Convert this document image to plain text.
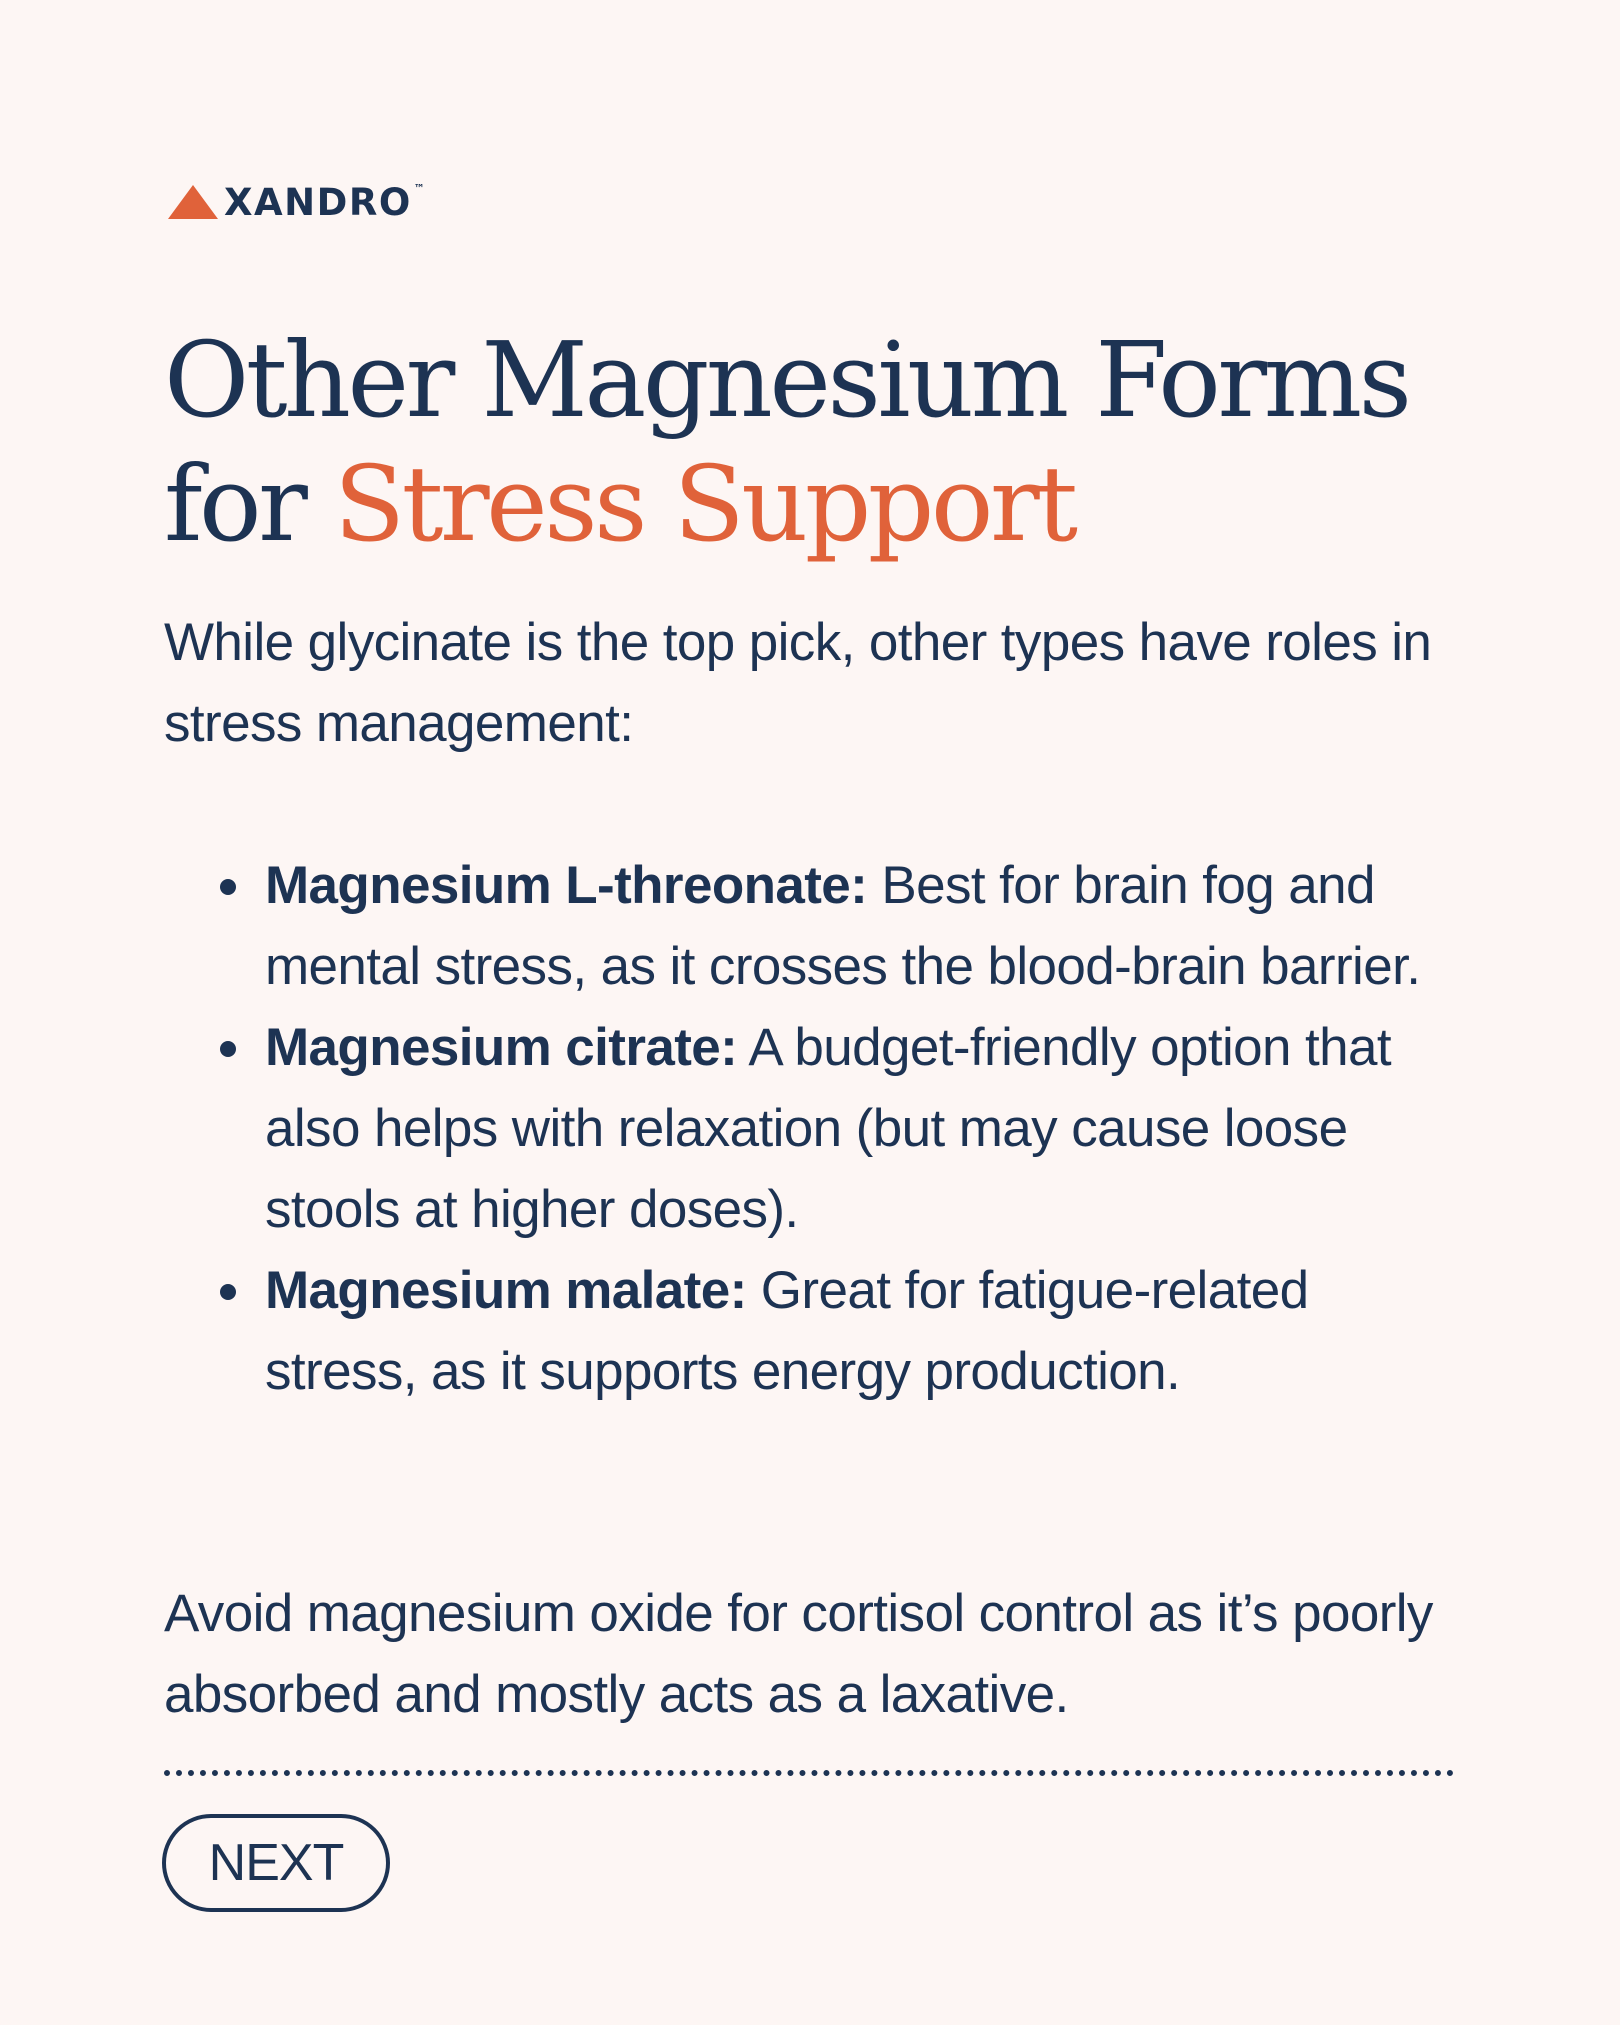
XANDRO ™
Other Magnesium Forms
for Stress Support

While glycinate is the top pick, other types have roles in stress management:

Magnesium L-threonate: Best for brain fog and mental stress, as it crosses the blood-brain barrier.
Magnesium citrate: A budget-friendly option that also helps with relaxation (but may cause loose stools at higher doses).
Magnesium malate: Great for fatigue-related stress, as it supports energy production.

Avoid magnesium oxide for cortisol control as it’s poorly absorbed and mostly acts as a laxative.

NEXT
